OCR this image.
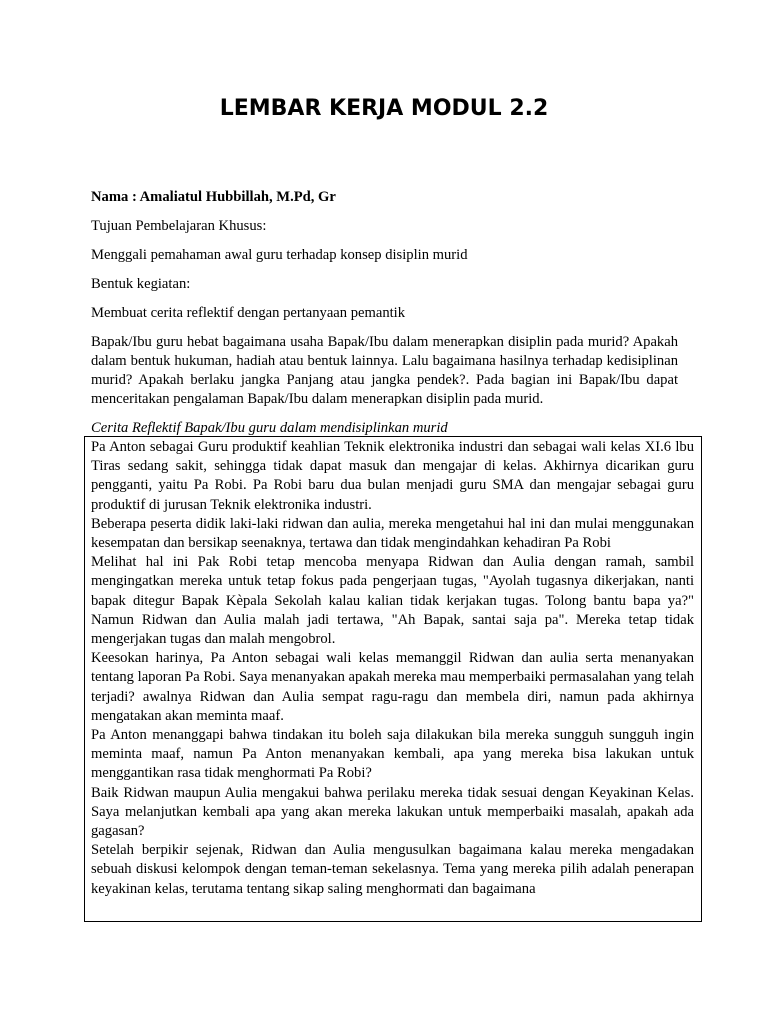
LEMBAR KERJA MODUL 2.2

Nama : Amaliatul Hubbillah, M.Pd, Gr

Tujuan Pembelajaran Khusus:

Menggali pemahaman awal guru terhadap konsep disiplin murid

Bentuk kegiatan:

Membuat cerita reflektif dengan pertanyaan pemantik

Bapak/Ibu guru hebat bagaimana usaha Bapak/Ibu dalam menerapkan disiplin pada murid? Apakah dalam bentuk hukuman, hadiah atau bentuk lainnya. Lalu bagaimana hasilnya terhadap kedisiplinan murid? Apakah berlaku jangka Panjang atau jangka pendek?. Pada bagian ini Bapak/Ibu dapat menceritakan pengalaman Bapak/Ibu dalam menerapkan disiplin pada murid.

Cerita Reflektif Bapak/Ibu guru dalam mendisiplinkan murid

Pa Anton sebagai Guru produktif keahlian Teknik elektronika industri dan sebagai wali kelas XI.6 lbu Tiras sedang sakit, sehingga tidak dapat masuk dan mengajar di kelas. Akhirnya dicarikan guru pengganti, yaitu Pa Robi. Pa Robi baru dua bulan menjadi guru SMA dan mengajar sebagai guru produktif di jurusan Teknik elektronika industri.

Beberapa peserta didik laki-laki ridwan dan aulia, mereka mengetahui hal ini dan mulai menggunakan kesempatan dan bersikap seenaknya, tertawa dan tidak mengindahkan kehadiran Pa Robi

Melihat hal ini Pak Robi tetap mencoba menyapa Ridwan dan Aulia dengan ramah, sambil mengingatkan mereka untuk tetap fokus pada pengerjaan tugas, "Ayolah tugasnya dikerjakan, nanti bapak ditegur Bapak Kèpala Sekolah kalau kalian tidak kerjakan tugas. Tolong bantu bapa ya?" Namun Ridwan dan Aulia malah jadi tertawa, "Ah Bapak, santai saja pa". Mereka tetap tidak mengerjakan tugas dan malah mengobrol.

Keesokan harinya, Pa Anton sebagai wali kelas memanggil Ridwan dan aulia serta menanyakan tentang laporan Pa Robi. Saya menanyakan apakah mereka mau memperbaiki permasalahan yang telah terjadi? awalnya Ridwan dan Aulia sempat ragu-ragu dan membela diri, namun pada akhirnya mengatakan akan meminta maaf.

Pa Anton menanggapi bahwa tindakan itu boleh saja dilakukan bila mereka sungguh sungguh ingin meminta maaf, namun Pa Anton menanyakan kembali, apa yang mereka bisa lakukan untuk menggantikan rasa tidak menghormati Pa Robi?

Baik Ridwan maupun Aulia mengakui bahwa perilaku mereka tidak sesuai dengan Keyakinan Kelas. Saya melanjutkan kembali apa yang akan mereka lakukan untuk memperbaiki masalah, apakah ada gagasan?

Setelah berpikir sejenak, Ridwan dan Aulia mengusulkan bagaimana kalau mereka mengadakan sebuah diskusi kelompok dengan teman-teman sekelasnya. Tema yang mereka pilih adalah penerapan keyakinan kelas, terutama tentang sikap saling menghormati dan bagaimana
